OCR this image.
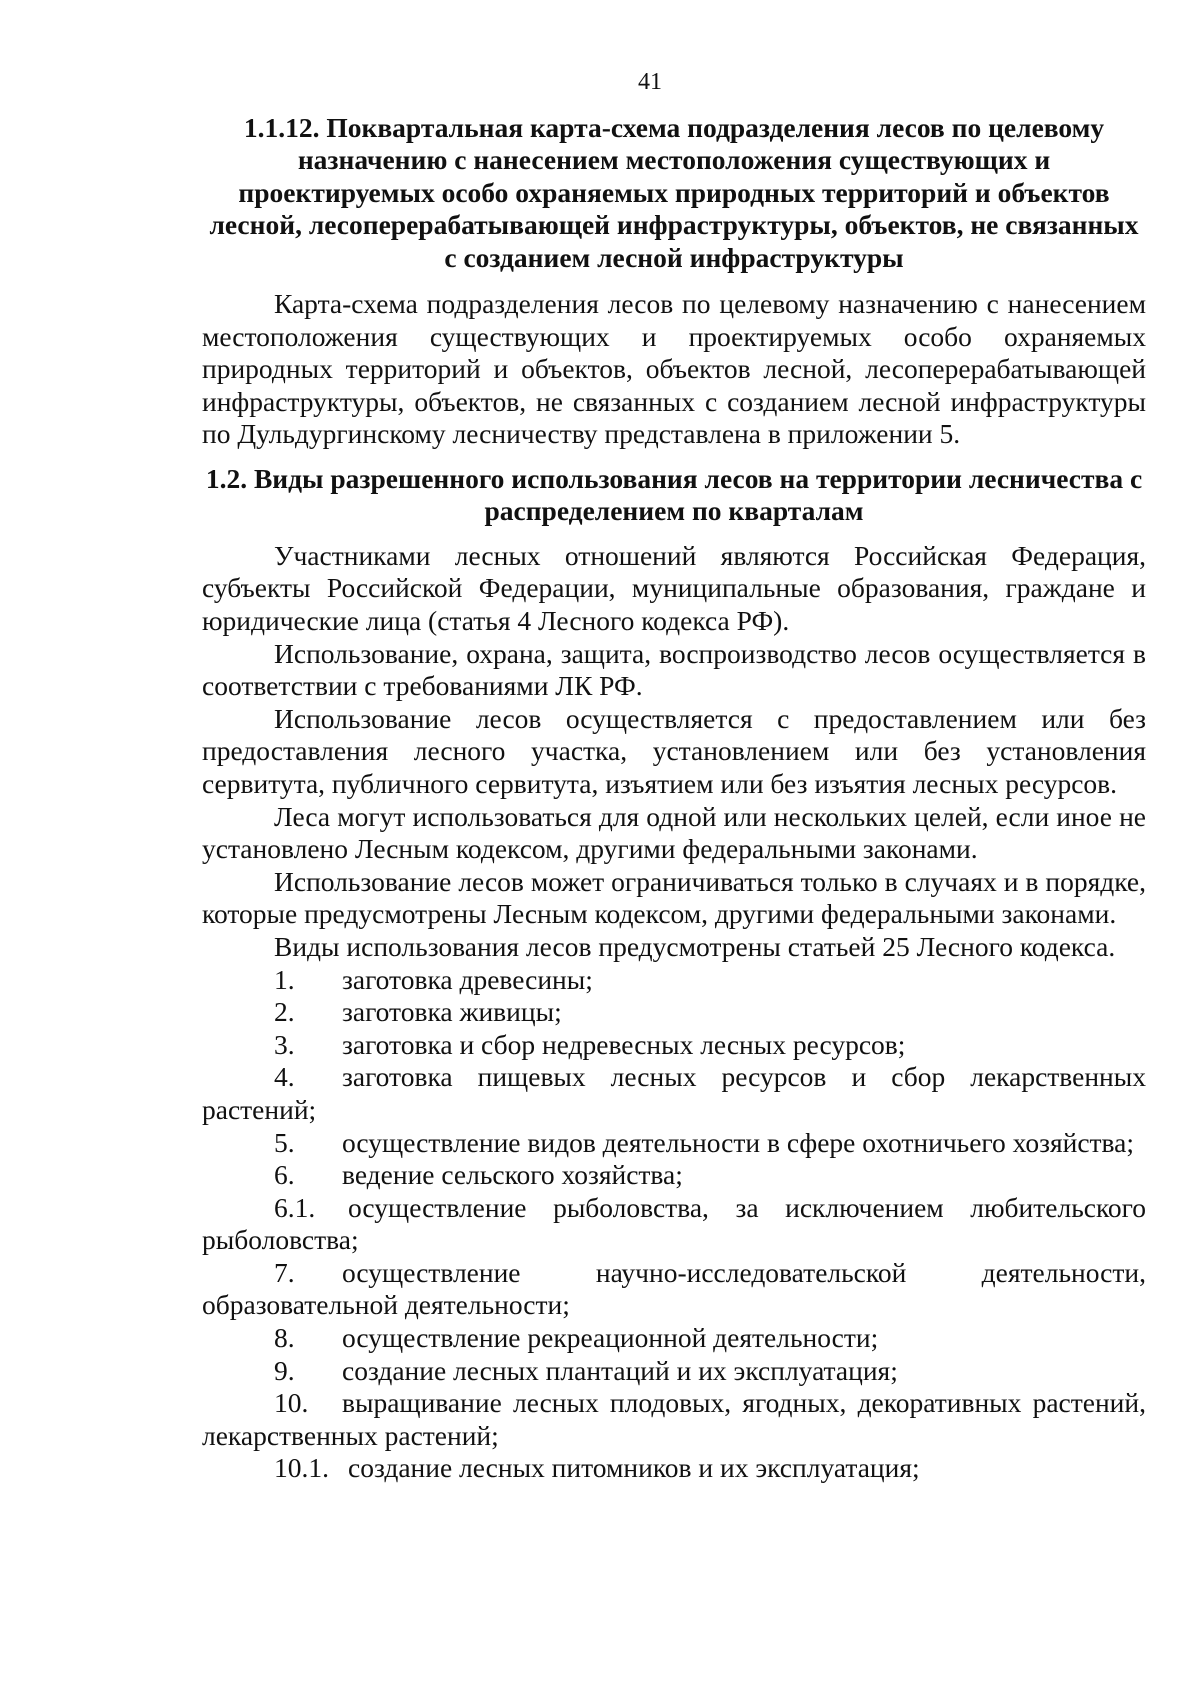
41

1.1.12. Поквартальная карта-схема подразделения лесов по целевому назначению с нанесением местоположения существующих и проектируемых особо охраняемых природных территорий и объектов лесной, лесоперерабатывающей инфраструктуры, объектов, не связанных с созданием лесной инфраструктуры

Карта-схема подразделения лесов по целевому назначению с нанесением местоположения существующих и проектируемых особо охраняемых природных территорий и объектов, объектов лесной, лесоперерабатывающей инфраструктуры, объектов, не связанных с созданием лесной инфраструктуры по Дульдургинскому лесничеству представлена в приложении 5.

1.2. Виды разрешенного использования лесов на территории лесничества с распределением по кварталам

Участниками лесных отношений являются Российская Федерация, субъекты Российской Федерации, муниципальные образования, граждане и юридические лица (статья 4 Лесного кодекса РФ).

Использование, охрана, защита, воспроизводство лесов осуществляется в соответствии с требованиями ЛК РФ.

Использование лесов осуществляется с предоставлением или без предоставления лесного участка, установлением или без установления сервитута, публичного сервитута, изъятием или без изъятия лесных ресурсов.

Леса могут использоваться для одной или нескольких целей, если иное не установлено Лесным кодексом, другими федеральными законами.

Использование лесов может ограничиваться только в случаях и в порядке, которые предусмотрены Лесным кодексом, другими федеральными законами.

Виды использования лесов предусмотрены статьей 25 Лесного кодекса.

1. заготовка древесины;

2. заготовка живицы;

3. заготовка и сбор недревесных лесных ресурсов;

4. заготовка пищевых лесных ресурсов и сбор лекарственных растений;

5. осуществление видов деятельности в сфере охотничьего хозяйства;

6. ведение сельского хозяйства;

6.1. осуществление рыболовства, за исключением любительского рыболовства;

7. осуществление научно-исследовательской деятельности, образовательной деятельности;

8. осуществление рекреационной деятельности;

9. создание лесных плантаций и их эксплуатация;

10. выращивание лесных плодовых, ягодных, декоративных растений, лекарственных растений;

10.1. создание лесных питомников и их эксплуатация;
